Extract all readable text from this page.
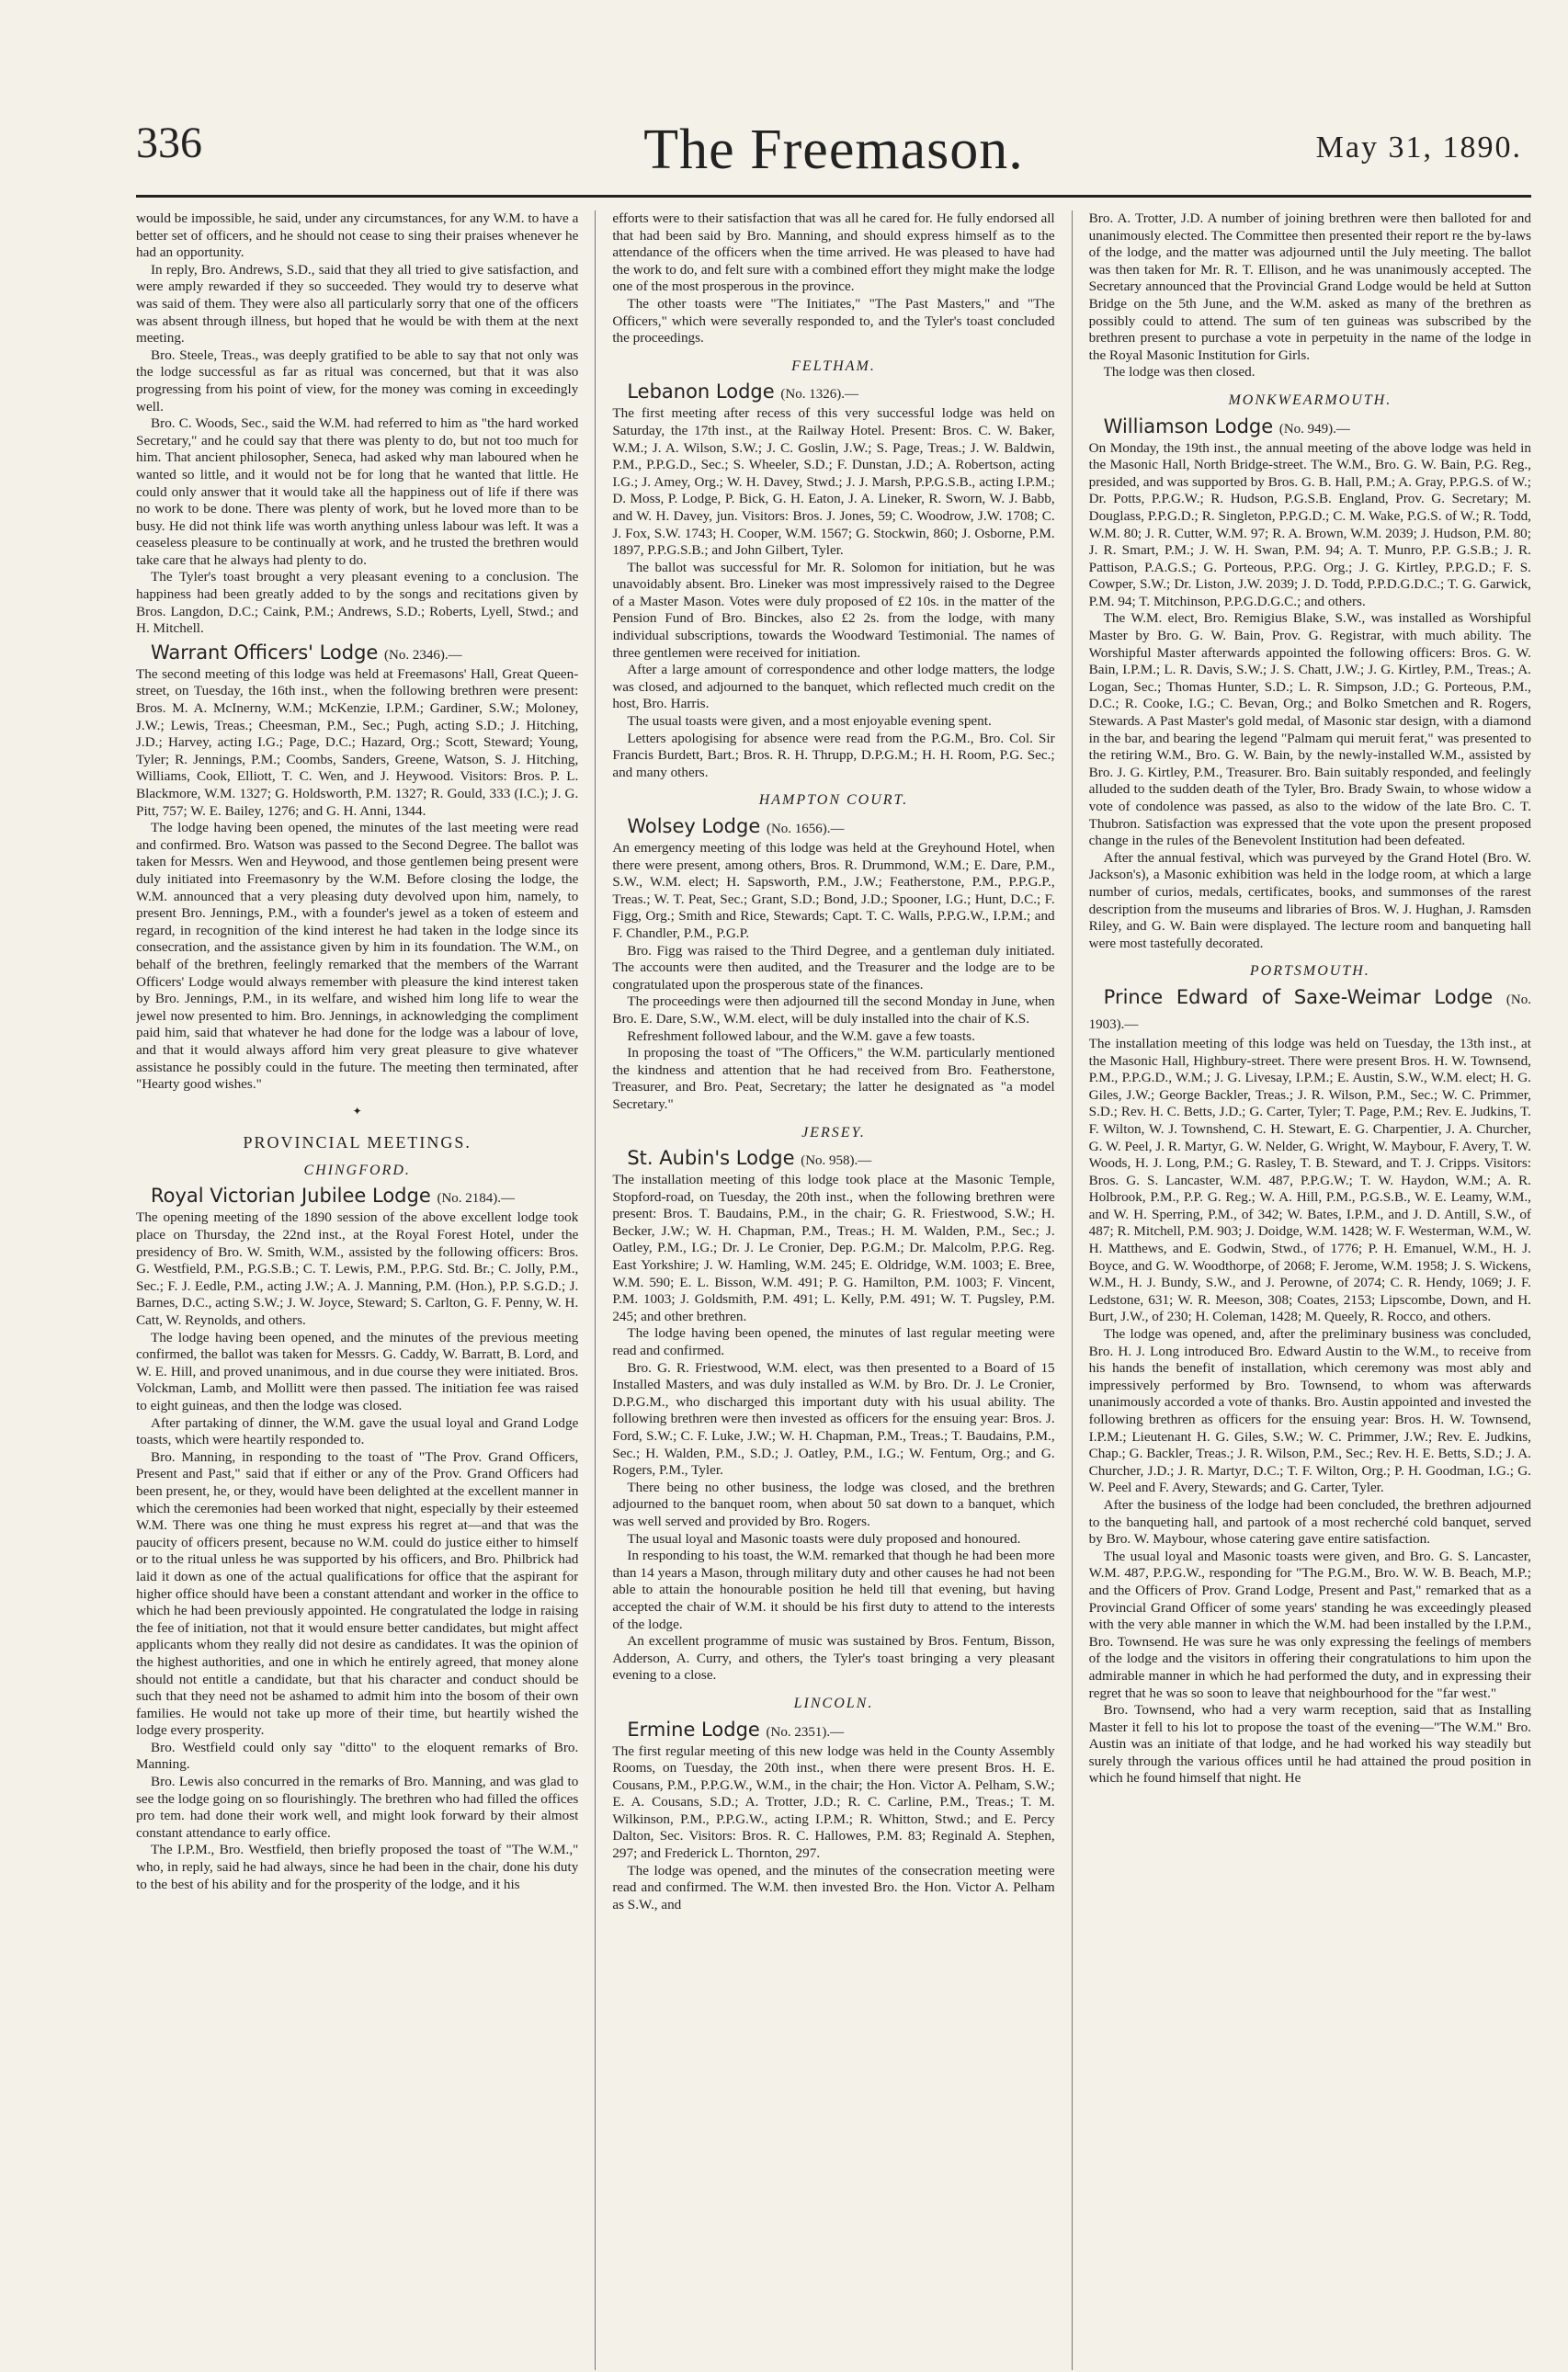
336	The Freemason.	May 31, 1890.

would be impossible, he said, under any circumstances, for any W.M. to have a better set of officers, and he should not cease to sing their praises whenever he had an opportunity.

In reply, Bro. Andrews, S.D., said that they all tried to give satisfaction, and were amply rewarded if they so succeeded. They would try to deserve what was said of them. They were also all particularly sorry that one of the officers was absent through illness, but hoped that he would be with them at the next meeting.

Bro. Steele, Treas., was deeply gratified to be able to say that not only was the lodge successful as far as ritual was concerned, but that it was also progressing from his point of view, for the money was coming in exceedingly well.

Bro. C. Woods, Sec., said the W.M. had referred to him as "the hard worked Secretary," and he could say that there was plenty to do, but not too much for him. That ancient philosopher, Seneca, had asked why man laboured when he wanted so little, and it would not be for long that he wanted that little. He could only answer that it would take all the happiness out of life if there was no work to be done. There was plenty of work, but he loved more than to be busy. He did not think life was worth anything unless labour was left. It was a ceaseless pleasure to be continually at work, and he trusted the brethren would take care that he always had plenty to do.

The Tyler's toast brought a very pleasant evening to a conclusion. The happiness had been greatly added to by the songs and recitations given by Bros. Langdon, D.C.; Caink, P.M.; Andrews, S.D.; Roberts, Lyell, Stwd.; and H. Mitchell.

Warrant Officers' Lodge (No. 2346).—

The second meeting of this lodge was held at Freemasons' Hall, Great Queen-street, on Tuesday, the 16th inst., when the following brethren were present: Bros. M. A. McInerny, W.M.; McKenzie, I.P.M.; Gardiner, S.W.; Moloney, J.W.; Lewis, Treas.; Cheesman, P.M., Sec.; Pugh, acting S.D.; J. Hitching, J.D.; Harvey, acting I.G.; Page, D.C.; Hazard, Org.; Scott, Steward; Young, Tyler; R. Jennings, P.M.; Coombs, Sanders, Greene, Watson, S. J. Hitching, Williams, Cook, Elliott, T. C. Wen, and J. Heywood. Visitors: Bros. P. L. Blackmore, W.M. 1327; G. Holdsworth, P.M. 1327; R. Gould, 333 (I.C.); J. G. Pitt, 757; W. E. Bailey, 1276; and G. H. Anni, 1344.

The lodge having been opened, the minutes of the last meeting were read and confirmed. Bro. Watson was passed to the Second Degree. The ballot was taken for Messrs. Wen and Heywood, and those gentlemen being present were duly initiated into Freemasonry by the W.M. Before closing the lodge, the W.M. announced that a very pleasing duty devolved upon him, namely, to present Bro. Jennings, P.M., with a founder's jewel as a token of esteem and regard, in recognition of the kind interest he had taken in the lodge since its consecration, and the assistance given by him in its foundation. The W.M., on behalf of the brethren, feelingly remarked that the members of the Warrant Officers' Lodge would always remember with pleasure the kind interest taken by Bro. Jennings, P.M., in its welfare, and wished him long life to wear the jewel now presented to him. Bro. Jennings, in acknowledging the compliment paid him, said that whatever he had done for the lodge was a labour of love, and that it would always afford him very great pleasure to give whatever assistance he possibly could in the future. The meeting then terminated, after "Hearty good wishes."

✦
PROVINCIAL MEETINGS.
CHINGFORD.
Royal Victorian Jubilee Lodge (No. 2184).—

The opening meeting of the 1890 session of the above excellent lodge took place on Thursday, the 22nd inst., at the Royal Forest Hotel, under the presidency of Bro. W. Smith, W.M., assisted by the following officers: Bros. G. Westfield, P.M., P.G.S.B.; C. T. Lewis, P.M., P.P.G. Std. Br.; C. Jolly, P.M., Sec.; F. J. Eedle, P.M., acting J.W.; A. J. Manning, P.M. (Hon.), P.P. S.G.D.; J. Barnes, D.C., acting S.W.; J. W. Joyce, Steward; S. Carlton, G. F. Penny, W. H. Catt, W. Reynolds, and others.

The lodge having been opened, and the minutes of the previous meeting confirmed, the ballot was taken for Messrs. G. Caddy, W. Barratt, B. Lord, and W. E. Hill, and proved unanimous, and in due course they were initiated. Bros. Volckman, Lamb, and Mollitt were then passed. The initiation fee was raised to eight guineas, and then the lodge was closed.

After partaking of dinner, the W.M. gave the usual loyal and Grand Lodge toasts, which were heartily responded to.

Bro. Manning, in responding to the toast of "The Prov. Grand Officers, Present and Past," said that if either or any of the Prov. Grand Officers had been present, he, or they, would have been delighted at the excellent manner in which the ceremonies had been worked that night, especially by their esteemed W.M. There was one thing he must express his regret at—and that was the paucity of officers present, because no W.M. could do justice either to himself or to the ritual unless he was supported by his officers, and Bro. Philbrick had laid it down as one of the actual qualifications for office that the aspirant for higher office should have been a constant attendant and worker in the office to which he had been previously appointed. He congratulated the lodge in raising the fee of initiation, not that it would ensure better candidates, but might affect applicants whom they really did not desire as candidates. It was the opinion of the highest authorities, and one in which he entirely agreed, that money alone should not entitle a candidate, but that his character and conduct should be such that they need not be ashamed to admit him into the bosom of their own families. He would not take up more of their time, but heartily wished the lodge every prosperity.

Bro. Westfield could only say "ditto" to the eloquent remarks of Bro. Manning.

Bro. Lewis also concurred in the remarks of Bro. Manning, and was glad to see the lodge going on so flourishingly. The brethren who had filled the offices pro tem. had done their work well, and might look forward by their almost constant attendance to early office.

The I.P.M., Bro. Westfield, then briefly proposed the toast of "The W.M.," who, in reply, said he had always, since he had been in the chair, done his duty to the best of his ability and for the prosperity of the lodge, and it his

efforts were to their satisfaction that was all he cared for. He fully endorsed all that had been said by Bro. Manning, and should express himself as to the attendance of the officers when the time arrived. He was pleased to have had the work to do, and felt sure with a combined effort they might make the lodge one of the most prosperous in the province.

The other toasts were "The Initiates," "The Past Masters," and "The Officers," which were severally responded to, and the Tyler's toast concluded the proceedings.

FELTHAM.
Lebanon Lodge (No. 1326).—

The first meeting after recess of this very successful lodge was held on Saturday, the 17th inst., at the Railway Hotel. Present: Bros. C. W. Baker, W.M.; J. A. Wilson, S.W.; J. C. Goslin, J.W.; S. Page, Treas.; J. W. Baldwin, P.M., P.P.G.D., Sec.; S. Wheeler, S.D.; F. Dunstan, J.D.; A. Robertson, acting I.G.; J. Amey, Org.; W. H. Davey, Stwd.; J. J. Marsh, P.P.G.S.B., acting I.P.M.; D. Moss, P. Lodge, P. Bick, G. H. Eaton, J. A. Lineker, R. Sworn, W. J. Babb, and W. H. Davey, jun. Visitors: Bros. J. Jones, 59; C. Woodrow, J.W. 1708; C. J. Fox, S.W. 1743; H. Cooper, W.M. 1567; G. Stockwin, 860; J. Osborne, P.M. 1897, P.P.G.S.B.; and John Gilbert, Tyler.

The ballot was successful for Mr. R. Solomon for initiation, but he was unavoidably absent. Bro. Lineker was most impressively raised to the Degree of a Master Mason. Votes were duly proposed of £2 10s. in the matter of the Pension Fund of Bro. Binckes, also £2 2s. from the lodge, with many individual subscriptions, towards the Woodward Testimonial. The names of three gentlemen were received for initiation.

After a large amount of correspondence and other lodge matters, the lodge was closed, and adjourned to the banquet, which reflected much credit on the host, Bro. Harris.

The usual toasts were given, and a most enjoyable evening spent.

Letters apologising for absence were read from the P.G.M., Bro. Col. Sir Francis Burdett, Bart.; Bros. R. H. Thrupp, D.P.G.M.; H. H. Room, P.G. Sec.; and many others.

HAMPTON COURT.
Wolsey Lodge (No. 1656).—

An emergency meeting of this lodge was held at the Greyhound Hotel, when there were present, among others, Bros. R. Drummond, W.M.; E. Dare, P.M., S.W., W.M. elect; H. Sapsworth, P.M., J.W.; Featherstone, P.M., P.P.G.P., Treas.; W. T. Peat, Sec.; Grant, S.D.; Bond, J.D.; Spooner, I.G.; Hunt, D.C.; F. Figg, Org.; Smith and Rice, Stewards; Capt. T. C. Walls, P.P.G.W., I.P.M.; and F. Chandler, P.M., P.G.P.

Bro. Figg was raised to the Third Degree, and a gentleman duly initiated. The accounts were then audited, and the Treasurer and the lodge are to be congratulated upon the prosperous state of the finances.

The proceedings were then adjourned till the second Monday in June, when Bro. E. Dare, S.W., W.M. elect, will be duly installed into the chair of K.S.

Refreshment followed labour, and the W.M. gave a few toasts.

In proposing the toast of "The Officers," the W.M. particularly mentioned the kindness and attention that he had received from Bro. Featherstone, Treasurer, and Bro. Peat, Secretary; the latter he designated as "a model Secretary."

JERSEY.
St. Aubin's Lodge (No. 958).—

The installation meeting of this lodge took place at the Masonic Temple, Stopford-road, on Tuesday, the 20th inst., when the following brethren were present: Bros. T. Baudains, P.M., in the chair; G. R. Friestwood, S.W.; H. Becker, J.W.; W. H. Chapman, P.M., Treas.; H. M. Walden, P.M., Sec.; J. Oatley, P.M., I.G.; Dr. J. Le Cronier, Dep. P.G.M.; Dr. Malcolm, P.P.G. Reg. East Yorkshire; J. W. Hamling, W.M. 245; E. Oldridge, W.M. 1003; E. Bree, W.M. 590; E. L. Bisson, W.M. 491; P. G. Hamilton, P.M. 1003; F. Vincent, P.M. 1003; J. Goldsmith, P.M. 491; L. Kelly, P.M. 491; W. T. Pugsley, P.M. 245; and other brethren.

The lodge having been opened, the minutes of last regular meeting were read and confirmed.

Bro. G. R. Friestwood, W.M. elect, was then presented to a Board of 15 Installed Masters, and was duly installed as W.M. by Bro. Dr. J. Le Cronier, D.P.G.M., who discharged this important duty with his usual ability. The following brethren were then invested as officers for the ensuing year: Bros. J. Ford, S.W.; C. F. Luke, J.W.; W. H. Chapman, P.M., Treas.; T. Baudains, P.M., Sec.; H. Walden, P.M., S.D.; J. Oatley, P.M., I.G.; W. Fentum, Org.; and G. Rogers, P.M., Tyler.

There being no other business, the lodge was closed, and the brethren adjourned to the banquet room, when about 50 sat down to a banquet, which was well served and provided by Bro. Rogers.

The usual loyal and Masonic toasts were duly proposed and honoured.

In responding to his toast, the W.M. remarked that though he had been more than 14 years a Mason, through military duty and other causes he had not been able to attain the honourable position he held till that evening, but having accepted the chair of W.M. it should be his first duty to attend to the interests of the lodge.

An excellent programme of music was sustained by Bros. Fentum, Bisson, Adderson, A. Curry, and others, the Tyler's toast bringing a very pleasant evening to a close.

LINCOLN.
Ermine Lodge (No. 2351).—

The first regular meeting of this new lodge was held in the County Assembly Rooms, on Tuesday, the 20th inst., when there were present Bros. H. E. Cousans, P.M., P.P.G.W., W.M., in the chair; the Hon. Victor A. Pelham, S.W.; E. A. Cousans, S.D.; A. Trotter, J.D.; R. C. Carline, P.M., Treas.; T. M. Wilkinson, P.M., P.P.G.W., acting I.P.M.; R. Whitton, Stwd.; and E. Percy Dalton, Sec. Visitors: Bros. R. C. Hallowes, P.M. 83; Reginald A. Stephen, 297; and Frederick L. Thornton, 297.

The lodge was opened, and the minutes of the consecration meeting were read and confirmed. The W.M. then invested Bro. the Hon. Victor A. Pelham as S.W., and

Bro. A. Trotter, J.D. A number of joining brethren were then balloted for and unanimously elected. The Committee then presented their report re the by-laws of the lodge, and the matter was adjourned until the July meeting. The ballot was then taken for Mr. R. T. Ellison, and he was unanimously accepted. The Secretary announced that the Provincial Grand Lodge would be held at Sutton Bridge on the 5th June, and the W.M. asked as many of the brethren as possibly could to attend. The sum of ten guineas was subscribed by the brethren present to purchase a vote in perpetuity in the name of the lodge in the Royal Masonic Institution for Girls.

The lodge was then closed.

MONKWEARMOUTH.
Williamson Lodge (No. 949).—

On Monday, the 19th inst., the annual meeting of the above lodge was held in the Masonic Hall, North Bridge-street. The W.M., Bro. G. W. Bain, P.G. Reg., presided, and was supported by Bros. G. B. Hall, P.M.; A. Gray, P.P.G.S. of W.; Dr. Potts, P.P.G.W.; R. Hudson, P.G.S.B. England, Prov. G. Secretary; M. Douglass, P.P.G.D.; R. Singleton, P.P.G.D.; C. M. Wake, P.G.S. of W.; R. Todd, W.M. 80; J. R. Cutter, W.M. 97; R. A. Brown, W.M. 2039; J. Hudson, P.M. 80; J. R. Smart, P.M.; J. W. H. Swan, P.M. 94; A. T. Munro, P.P. G.S.B.; J. R. Pattison, P.A.G.S.; G. Porteous, P.P.G. Org.; J. G. Kirtley, P.P.G.D.; F. S. Cowper, S.W.; Dr. Liston, J.W. 2039; J. D. Todd, P.P.D.G.D.C.; T. G. Garwick, P.M. 94; T. Mitchinson, P.P.G.D.G.C.; and others.

The W.M. elect, Bro. Remigius Blake, S.W., was installed as Worshipful Master by Bro. G. W. Bain, Prov. G. Registrar, with much ability. The Worshipful Master afterwards appointed the following officers: Bros. G. W. Bain, I.P.M.; L. R. Davis, S.W.; J. S. Chatt, J.W.; J. G. Kirtley, P.M., Treas.; A. Logan, Sec.; Thomas Hunter, S.D.; L. R. Simpson, J.D.; G. Porteous, P.M., D.C.; R. Cooke, I.G.; C. Bevan, Org.; and Bolko Smetchen and R. Rogers, Stewards. A Past Master's gold medal, of Masonic star design, with a diamond in the bar, and bearing the legend "Palmam qui meruit ferat," was presented to the retiring W.M., Bro. G. W. Bain, by the newly-installed W.M., assisted by Bro. J. G. Kirtley, P.M., Treasurer. Bro. Bain suitably responded, and feelingly alluded to the sudden death of the Tyler, Bro. Brady Swain, to whose widow a vote of condolence was passed, as also to the widow of the late Bro. C. T. Thubron. Satisfaction was expressed that the vote upon the present proposed change in the rules of the Benevolent Institution had been defeated.

After the annual festival, which was purveyed by the Grand Hotel (Bro. W. Jackson's), a Masonic exhibition was held in the lodge room, at which a large number of curios, medals, certificates, books, and summonses of the rarest description from the museums and libraries of Bros. W. J. Hughan, J. Ramsden Riley, and G. W. Bain were displayed. The lecture room and banqueting hall were most tastefully decorated.

PORTSMOUTH.
Prince Edward of Saxe-Weimar Lodge (No. 1903).—

The installation meeting of this lodge was held on Tuesday, the 13th inst., at the Masonic Hall, Highbury-street. There were present Bros. H. W. Townsend, P.M., P.P.G.D., W.M.; J. G. Livesay, I.P.M.; E. Austin, S.W., W.M. elect; H. G. Giles, J.W.; George Backler, Treas.; J. R. Wilson, P.M., Sec.; W. C. Primmer, S.D.; Rev. H. C. Betts, J.D.; G. Carter, Tyler; T. Page, P.M.; Rev. E. Judkins, T. F. Wilton, W. J. Townshend, C. H. Stewart, E. G. Charpentier, J. A. Churcher, G. W. Peel, J. R. Martyr, G. W. Nelder, G. Wright, W. Maybour, F. Avery, T. W. Woods, H. J. Long, P.M.; G. Rasley, T. B. Steward, and T. J. Cripps. Visitors: Bros. G. S. Lancaster, W.M. 487, P.P.G.W.; T. W. Haydon, W.M.; A. R. Holbrook, P.M., P.P. G. Reg.; W. A. Hill, P.M., P.G.S.B., W. E. Leamy, W.M., and W. H. Sperring, P.M., of 342; W. Bates, I.P.M., and J. D. Antill, S.W., of 487; R. Mitchell, P.M. 903; J. Doidge, W.M. 1428; W. F. Westerman, W.M., W. H. Matthews, and E. Godwin, Stwd., of 1776; P. H. Emanuel, W.M., H. J. Boyce, and G. W. Woodthorpe, of 2068; F. Jerome, W.M. 1958; J. S. Wickens, W.M., H. J. Bundy, S.W., and J. Perowne, of 2074; C. R. Hendy, 1069; J. F. Ledstone, 631; W. R. Meeson, 308; Coates, 2153; Lipscombe, Down, and H. Burt, J.W., of 230; H. Coleman, 1428; M. Queely, R. Rocco, and others.

The lodge was opened, and, after the preliminary business was concluded, Bro. H. J. Long introduced Bro. Edward Austin to the W.M., to receive from his hands the benefit of installation, which ceremony was most ably and impressively performed by Bro. Townsend, to whom was afterwards unanimously accorded a vote of thanks. Bro. Austin appointed and invested the following brethren as officers for the ensuing year: Bros. H. W. Townsend, I.P.M.; Lieutenant H. G. Giles, S.W.; W. C. Primmer, J.W.; Rev. E. Judkins, Chap.; G. Backler, Treas.; J. R. Wilson, P.M., Sec.; Rev. H. E. Betts, S.D.; J. A. Churcher, J.D.; J. R. Martyr, D.C.; T. F. Wilton, Org.; P. H. Goodman, I.G.; G. W. Peel and F. Avery, Stewards; and G. Carter, Tyler.

After the business of the lodge had been concluded, the brethren adjourned to the banqueting hall, and partook of a most recherché cold banquet, served by Bro. W. Maybour, whose catering gave entire satisfaction.

The usual loyal and Masonic toasts were given, and Bro. G. S. Lancaster, W.M. 487, P.P.G.W., responding for "The P.G.M., Bro. W. W. B. Beach, M.P.; and the Officers of Prov. Grand Lodge, Present and Past," remarked that as a Provincial Grand Officer of some years' standing he was exceedingly pleased with the very able manner in which the W.M. had been installed by the I.P.M., Bro. Townsend. He was sure he was only expressing the feelings of members of the lodge and the visitors in offering their congratulations to him upon the admirable manner in which he had performed the duty, and in expressing their regret that he was so soon to leave that neighbourhood for the "far west."

Bro. Townsend, who had a very warm reception, said that as Installing Master it fell to his lot to propose the toast of the evening—"The W.M." Bro. Austin was an initiate of that lodge, and he had worked his way steadily but surely through the various offices until he had attained the proud position in which he found himself that night. He
